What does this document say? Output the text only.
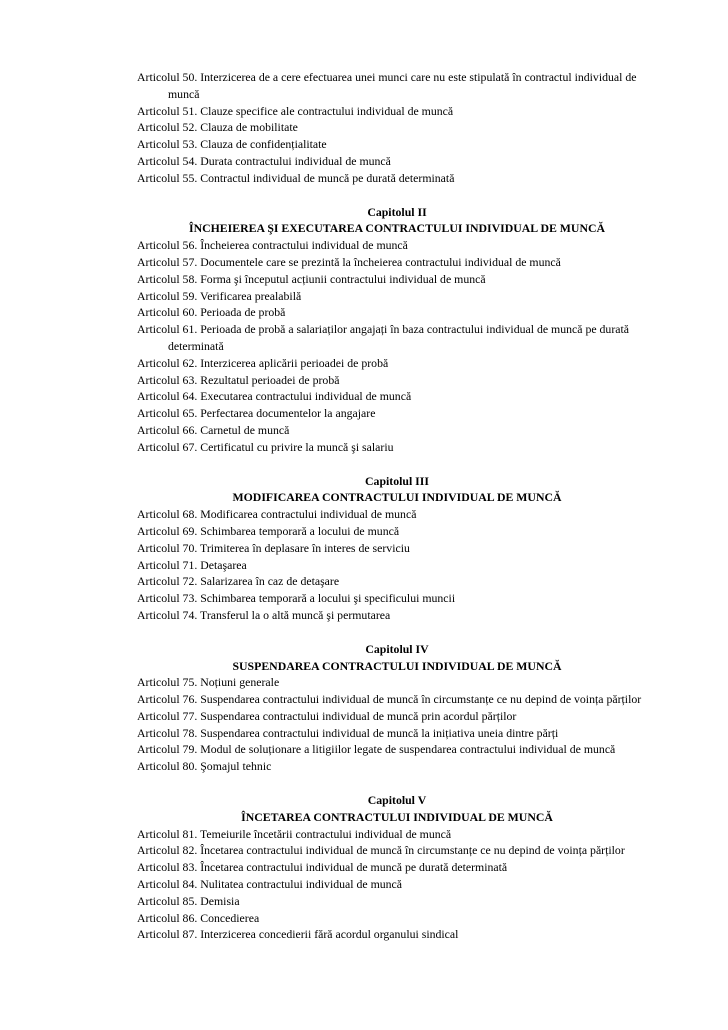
Articolul 50. Interzicerea de a cere efectuarea unei munci care nu este stipulată în contractul individual de muncă
Articolul 51. Clauze specifice ale contractului individual de muncă
Articolul 52. Clauza de mobilitate
Articolul 53. Clauza de confidențialitate
Articolul 54. Durata contractului individual de muncă
Articolul 55. Contractul individual de muncă pe durată determinată
Capitolul II
ÎNCHEIEREA ŞI EXECUTAREA CONTRACTULUI INDIVIDUAL DE MUNCĂ
Articolul 56. Încheierea contractului individual de muncă
Articolul 57. Documentele care se prezintă la încheierea contractului individual de muncă
Articolul 58. Forma şi începutul acțiunii contractului individual de muncă
Articolul 59. Verificarea prealabilă
Articolul 60. Perioada de probă
Articolul 61. Perioada de probă a salariaților angajați în baza contractului individual de muncă pe durată determinată
Articolul 62. Interzicerea aplicării perioadei de probă
Articolul 63. Rezultatul perioadei de probă
Articolul 64. Executarea contractului individual de muncă
Articolul 65. Perfectarea documentelor la angajare
Articolul 66. Carnetul de muncă
Articolul 67. Certificatul cu privire la muncă şi salariu
Capitolul III
MODIFICAREA CONTRACTULUI INDIVIDUAL DE MUNCĂ
Articolul 68. Modificarea contractului individual de muncă
Articolul 69. Schimbarea temporară a locului de muncă
Articolul 70. Trimiterea în deplasare în interes de serviciu
Articolul 71. Detaşarea
Articolul 72. Salarizarea în caz de detaşare
Articolul 73. Schimbarea temporară a locului şi specificului muncii
Articolul 74. Transferul la o altă muncă şi permutarea
Capitolul IV
SUSPENDAREA CONTRACTULUI INDIVIDUAL DE MUNCĂ
Articolul 75. Noțiuni generale
Articolul 76. Suspendarea contractului individual de muncă în circumstanțe ce nu depind de voința părților
Articolul 77. Suspendarea contractului individual de muncă prin acordul părților
Articolul 78. Suspendarea contractului individual de muncă la inițiativa uneia dintre părți
Articolul 79. Modul de soluționare a litigiilor legate de suspendarea contractului individual de muncă
Articolul 80. Şomajul tehnic
Capitolul V
ÎNCETAREA CONTRACTULUI INDIVIDUAL DE MUNCĂ
Articolul 81. Temeiurile încetării contractului individual de muncă
Articolul 82. Încetarea contractului individual de muncă în circumstanțe ce nu depind de voința părților
Articolul 83. Încetarea contractului individual de muncă pe durată determinată
Articolul 84. Nulitatea contractului individual de muncă
Articolul 85. Demisia
Articolul 86. Concedierea
Articolul 87. Interzicerea concedierii fără acordul organului sindical
